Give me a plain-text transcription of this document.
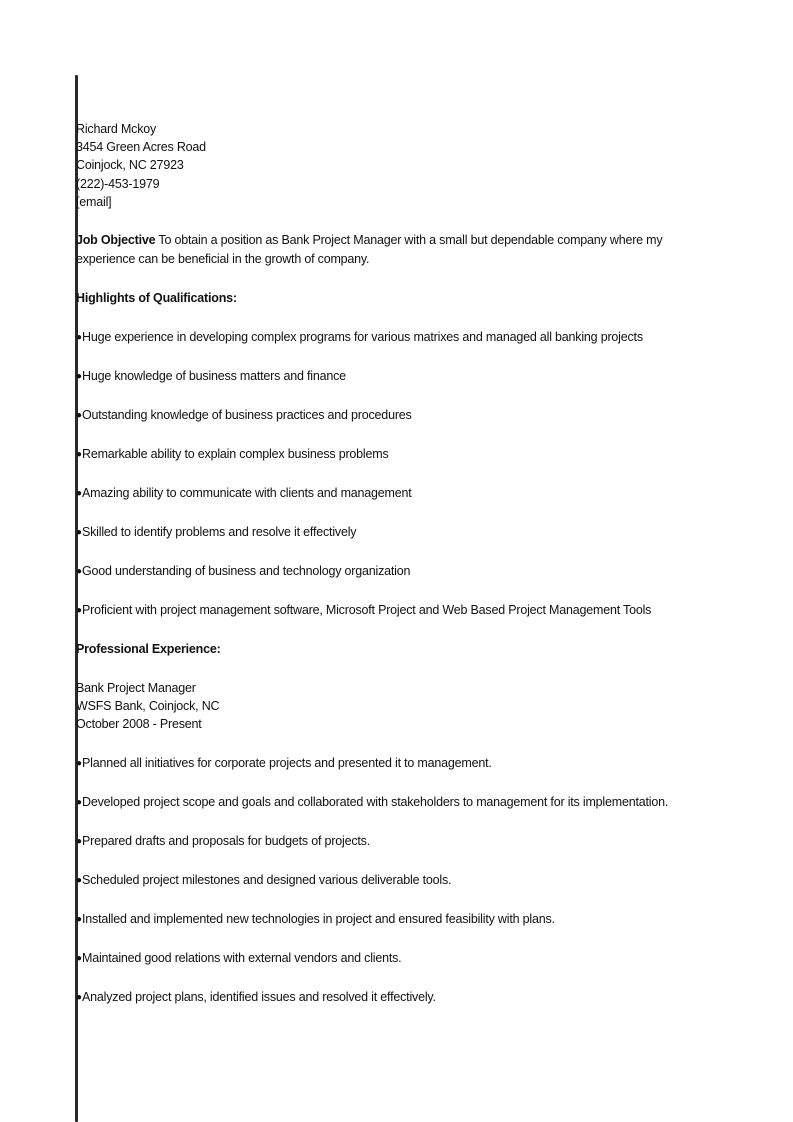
Richard Mckoy
3454 Green Acres Road
Coinjock, NC 27923
(222)-453-1979
[email]
Job Objective To obtain a position as Bank Project Manager with a small but dependable company where my experience can be beneficial in the growth of company.
Highlights of Qualifications:
● Huge experience in developing complex programs for various matrixes and managed all banking projects
● Huge knowledge of business matters and finance
● Outstanding knowledge of business practices and procedures
● Remarkable ability to explain complex business problems
● Amazing ability to communicate with clients and management
● Skilled to identify problems and resolve it effectively
● Good understanding of business and technology organization
● Proficient with project management software, Microsoft Project and Web Based Project Management Tools
Professional Experience:
Bank Project Manager
WSFS Bank, Coinjock, NC
October 2008 - Present
● Planned all initiatives for corporate projects and presented it to management.
● Developed project scope and goals and collaborated with stakeholders to management for its implementation.
● Prepared drafts and proposals for budgets of projects.
● Scheduled project milestones and designed various deliverable tools.
● Installed and implemented new technologies in project and ensured feasibility with plans.
● Maintained good relations with external vendors and clients.
● Analyzed project plans, identified issues and resolved it effectively.
